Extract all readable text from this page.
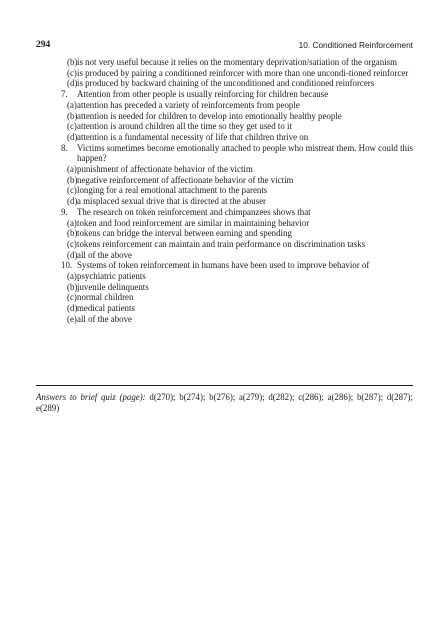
294	10. Conditioned Reinforcement
(b) is not very useful because it relies on the momentary deprivation/satiation of the organism
(c) is produced by pairing a conditioned reinforcer with more than one uncondi-tioned reinforcer
(d) is produced by backward chaining of the unconditioned and conditioned reinforcers
7. Attention from other people is usually reinforcing for children because
(a) attention has preceded a variety of reinforcements from people
(b) attention is needed for children to develop into emotionally healthy people
(c) attention is around children all the time so they get used to it
(d) attention is a fundamental necessity of life that children thrive on
8. Victims sometimes become emotionally attached to people who mistreat them. How could this happen?
(a) punishment of affectionate behavior of the victim
(b) negative reinforcement of affectionate behavior of the victim
(c) longing for a real emotional attachment to the parents
(d) a misplaced sexual drive that is directed at the abuser
9. The research on token reinforcement and chimpanzees shows that
(a) token and food reinforcement are similar in maintaining behavior
(b) tokens can bridge the interval between earning and spending
(c) tokens reinforcement can maintain and train performance on discrimination tasks
(d) all of the above
10. Systems of token reinforcement in humans have been used to improve behavior of
(a) psychiatric patients
(b) juvenile delinquents
(c) normal children
(d) medical patients
(e) all of the above
Answers to brief quiz (page): d(270); b(274); b(276); a(279); d(282); c(286); a(286); b(287); d(287); e(289)
